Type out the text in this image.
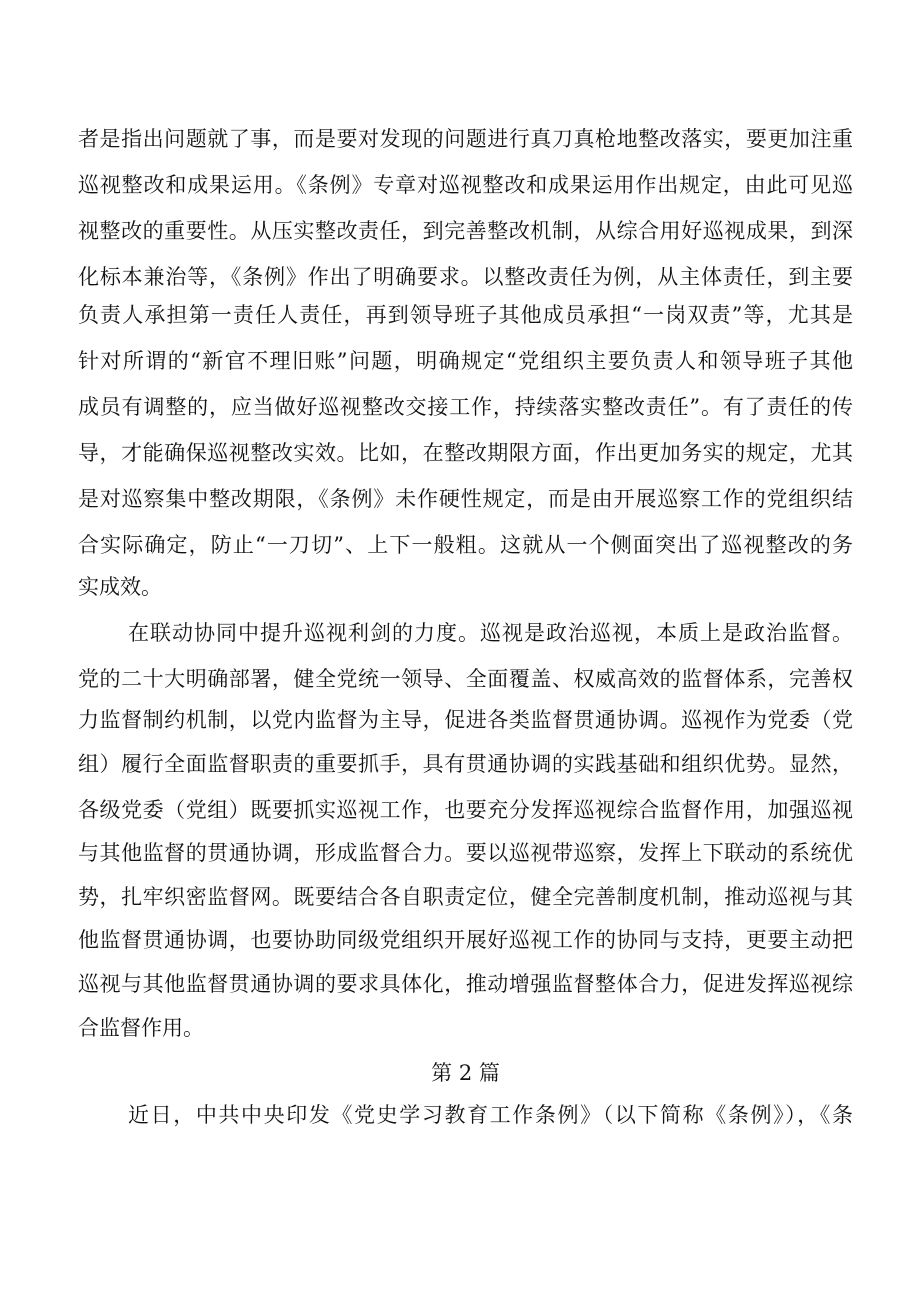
者是指出问题就了事，而是要对发现的问题进行真刀真枪地整改落实，要更加注重
巡视整改和成果运用。《条例》专章对巡视整改和成果运用作出规定，由此可见巡
视整改的重要性。从压实整改责任，到完善整改机制，从综合用好巡视成果，到深
化标本兼治等，《条例》作出了明确要求。以整改责任为例，从主体责任，到主要
负责人承担第一责任人责任，再到领导班子其他成员承担“一岗双责”等，尤其是
针对所谓的“新官不理旧账”问题，明确规定“党组织主要负责人和领导班子其他
成员有调整的，应当做好巡视整改交接工作，持续落实整改责任”。有了责任的传
导，才能确保巡视整改实效。比如，在整改期限方面，作出更加务实的规定，尤其
是对巡察集中整改期限，《条例》未作硬性规定，而是由开展巡察工作的党组织结
合实际确定，防止“一刀切”、上下一般粗。这就从一个侧面突出了巡视整改的务
实成效。
在联动协同中提升巡视利剑的力度。巡视是政治巡视，本质上是政治监督。
党的二十大明确部署，健全党统一领导、全面覆盖、权威高效的监督体系，完善权
力监督制约机制，以党内监督为主导，促进各类监督贯通协调。巡视作为党委（党
组）履行全面监督职责的重要抓手，具有贯通协调的实践基础和组织优势。显然，
各级党委（党组）既要抓实巡视工作，也要充分发挥巡视综合监督作用，加强巡视
与其他监督的贯通协调，形成监督合力。要以巡视带巡察，发挥上下联动的系统优
势，扎牢织密监督网。既要结合各自职责定位，健全完善制度机制，推动巡视与其
他监督贯通协调，也要协助同级党组织开展好巡视工作的协同与支持，更要主动把
巡视与其他监督贯通协调的要求具体化，推动增强监督整体合力，促进发挥巡视综
合监督作用。
第 2 篇
近日，中共中央印发《党史学习教育工作条例》（以下简称《条例》），《条
